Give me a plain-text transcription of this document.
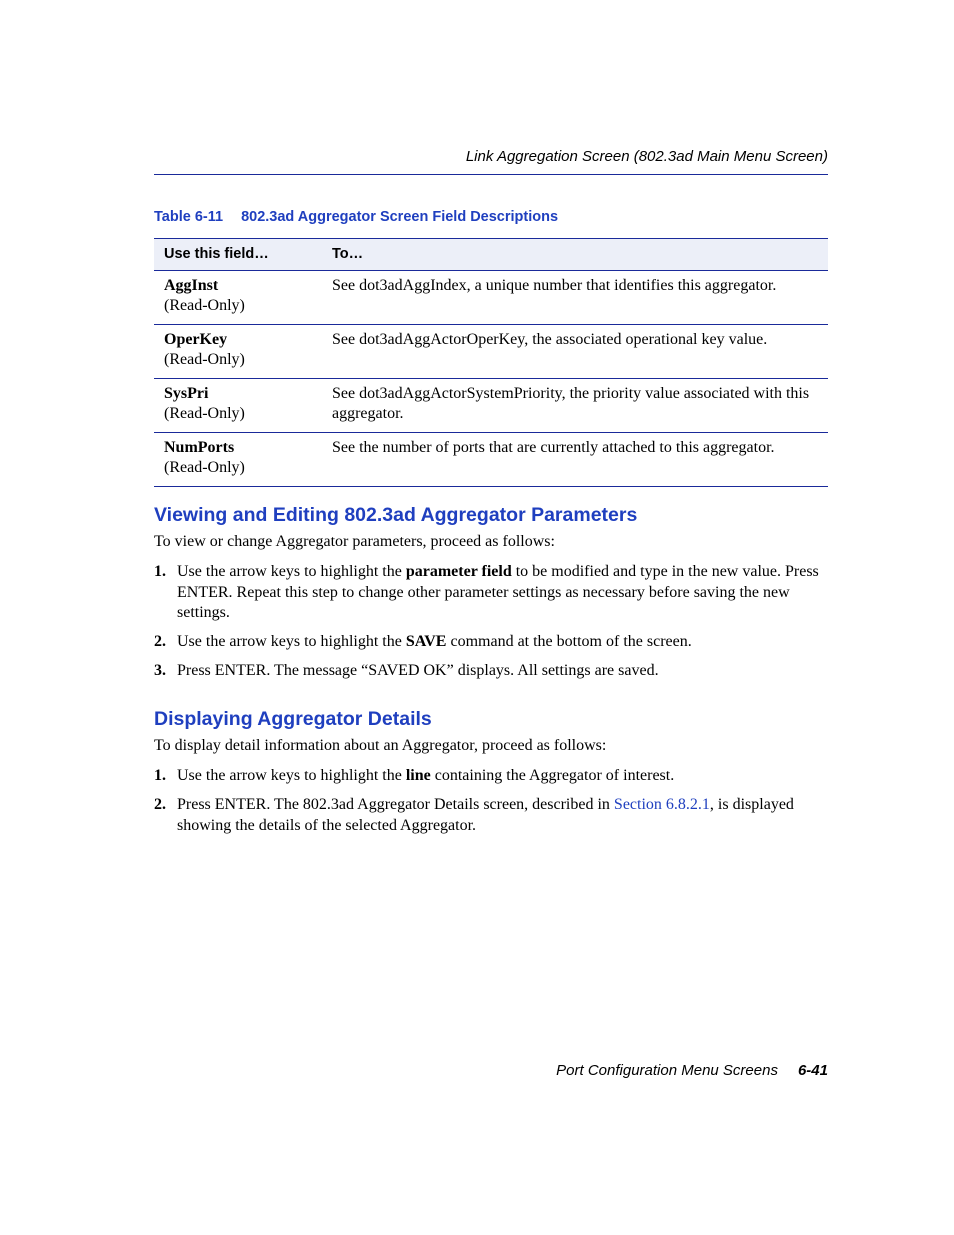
Link Aggregation Screen (802.3ad Main Menu Screen)
Table 6-11 802.3ad Aggregator Screen Field Descriptions
Use this field…	To…

AggInst
(Read-Only)	See dot3adAggIndex, a unique number that identifies this aggregator.

OperKey
(Read-Only)	See dot3adAggActorOperKey, the associated operational key value.

SysPri
(Read-Only)	See dot3adAggActorSystemPriority, the priority value associated with this aggregator.

NumPorts
(Read-Only)	See the number of ports that are currently attached to this aggregator.
Viewing and Editing 802.3ad Aggregator Parameters

To view or change Aggregator parameters, proceed as follows:

1. Use the arrow keys to highlight the parameter field to be modified and type in the new value. Press ENTER. Repeat this step to change other parameter settings as necessary before saving the new settings.
2. Use the arrow keys to highlight the SAVE command at the bottom of the screen.
3. Press ENTER. The message “SAVED OK” displays. All settings are saved.
Displaying Aggregator Details

To display detail information about an Aggregator, proceed as follows:

1. Use the arrow keys to highlight the line containing the Aggregator of interest.
2. Press ENTER. The 802.3ad Aggregator Details screen, described in Section 6.8.2.1, is displayed showing the details of the selected Aggregator.
Port Configuration Menu Screens 6-41
